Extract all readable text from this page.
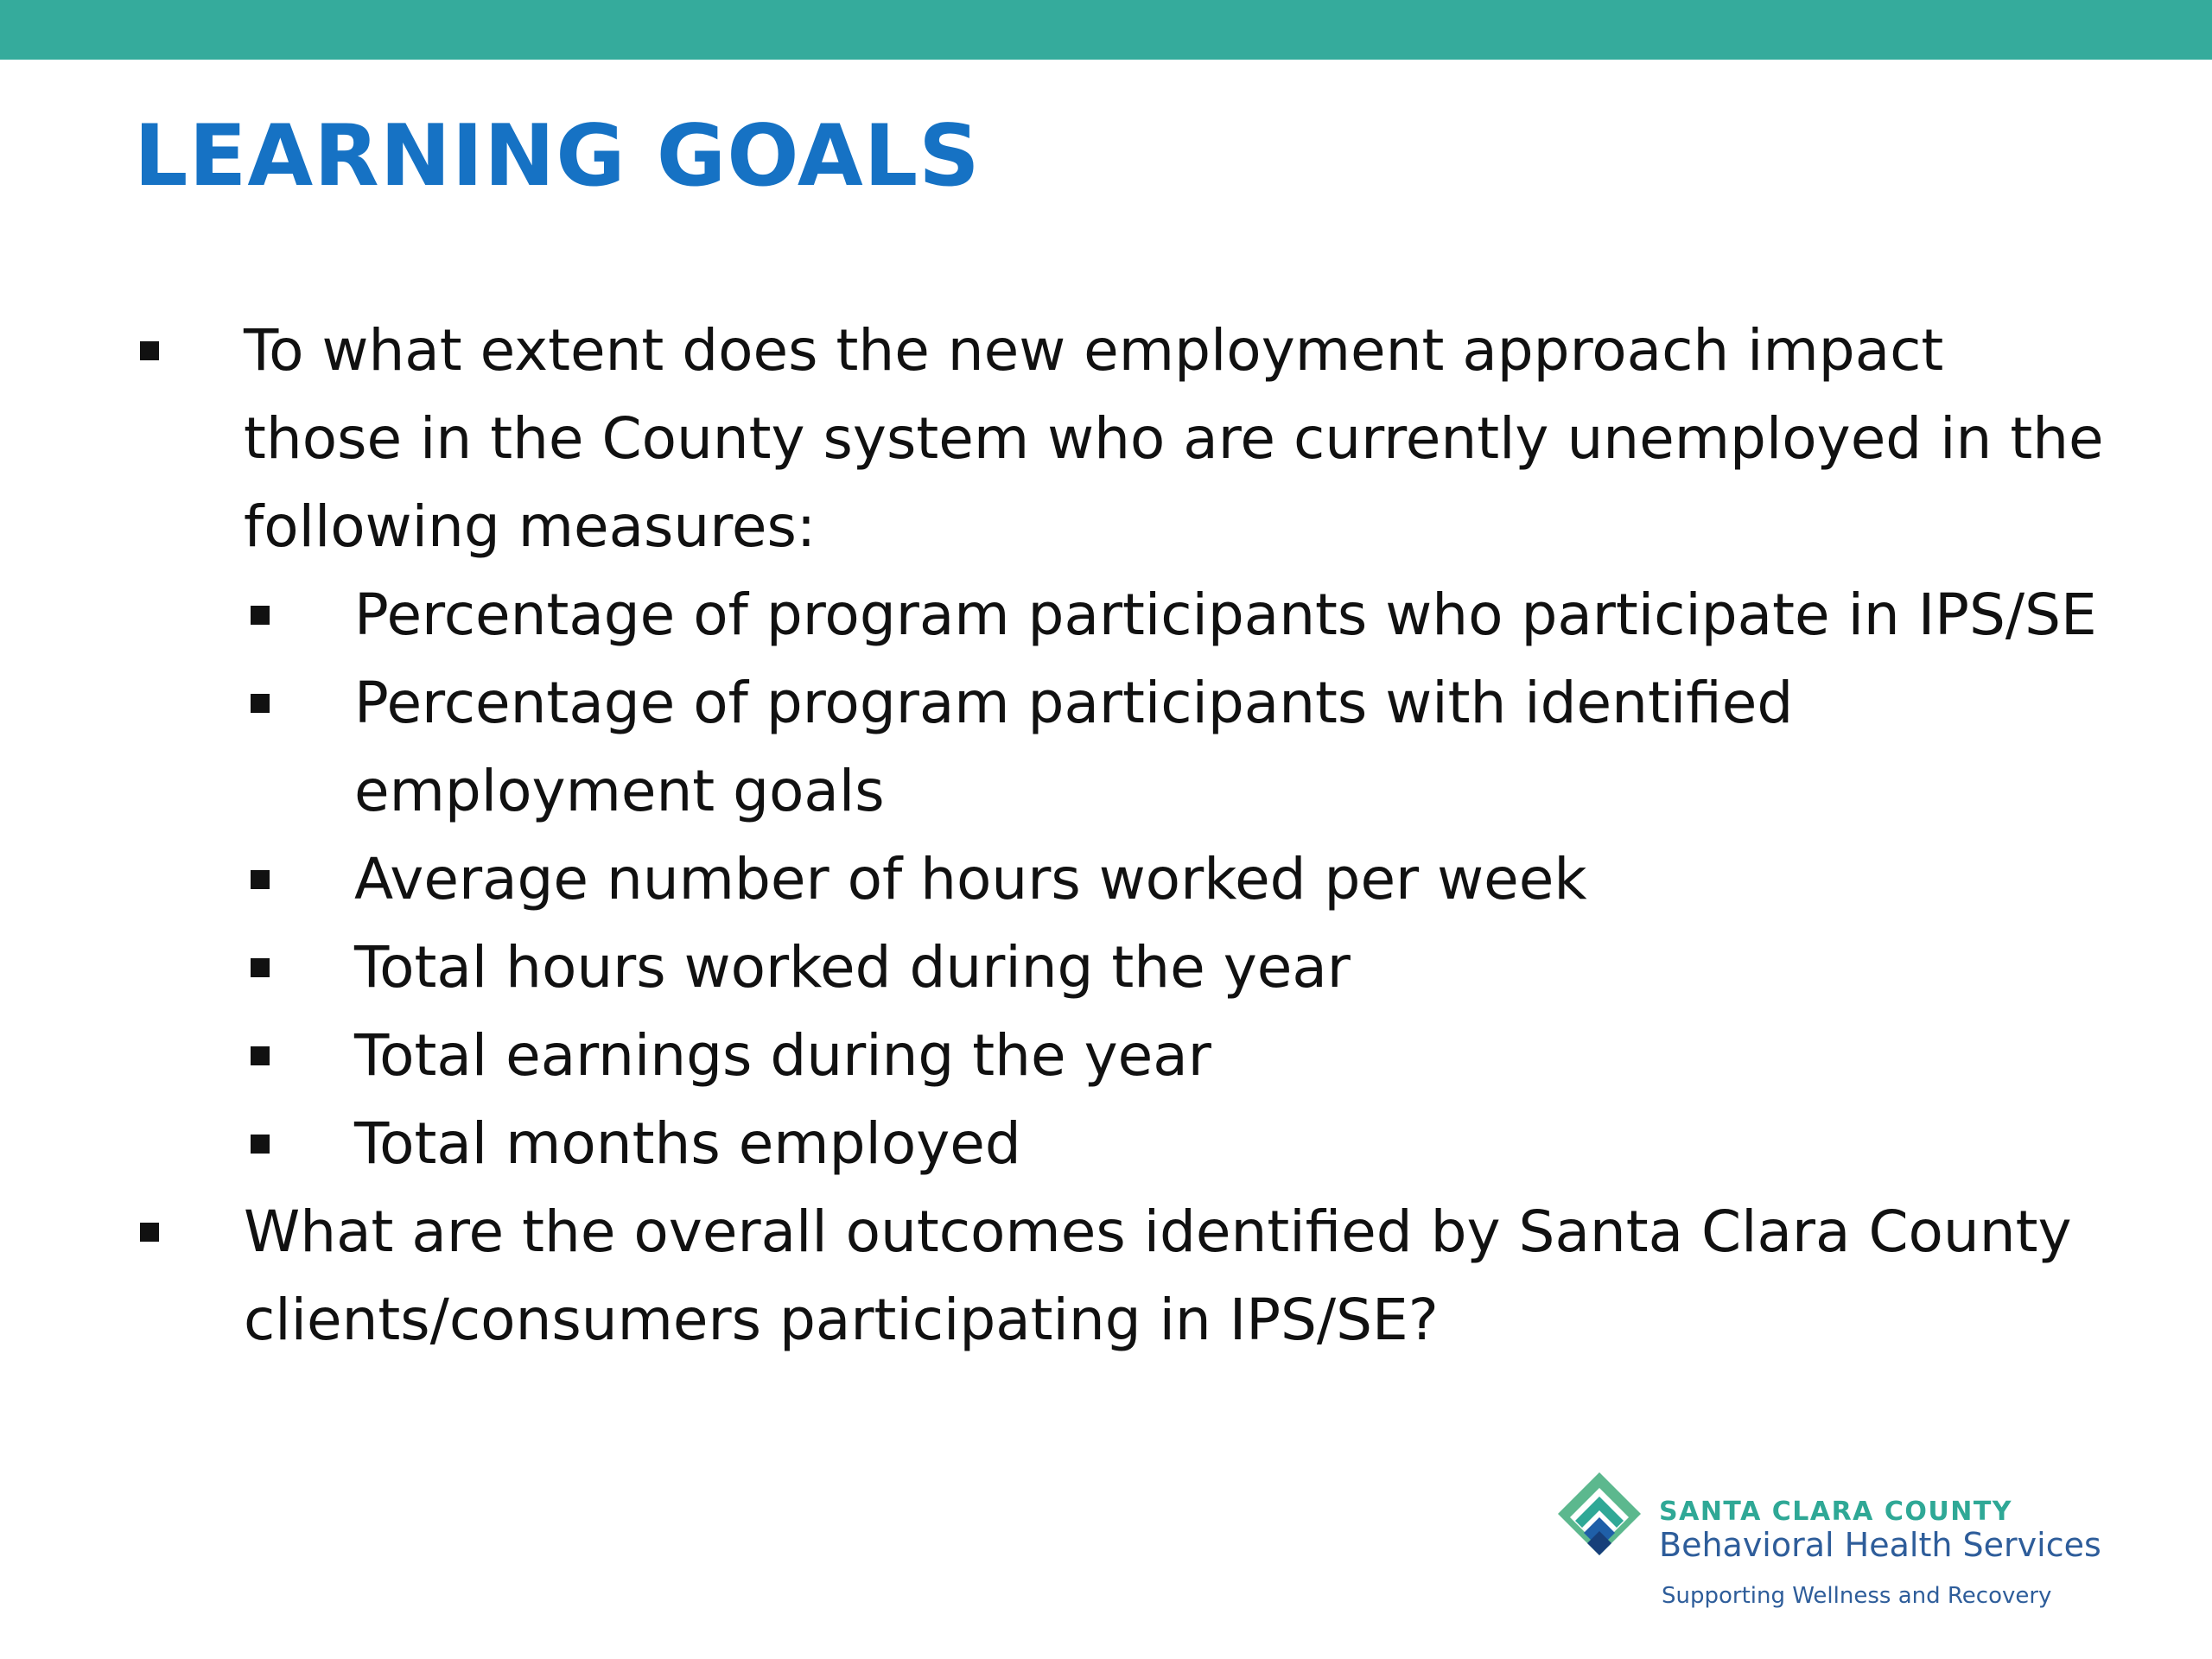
LEARNING GOALS
To what extent does the new employment approach impact those in the County system who are currently unemployed in the following measures:
Percentage of program participants who participate in IPS/SE
Percentage of program participants with identified employment goals
Average number of hours worked per week
Total hours worked during the year
Total earnings during the year
Total months employed
What are the overall outcomes identified by Santa Clara County clients/consumers participating in IPS/SE?
SANTA CLARA COUNTY
Behavioral Health Services
Supporting Wellness and Recovery
